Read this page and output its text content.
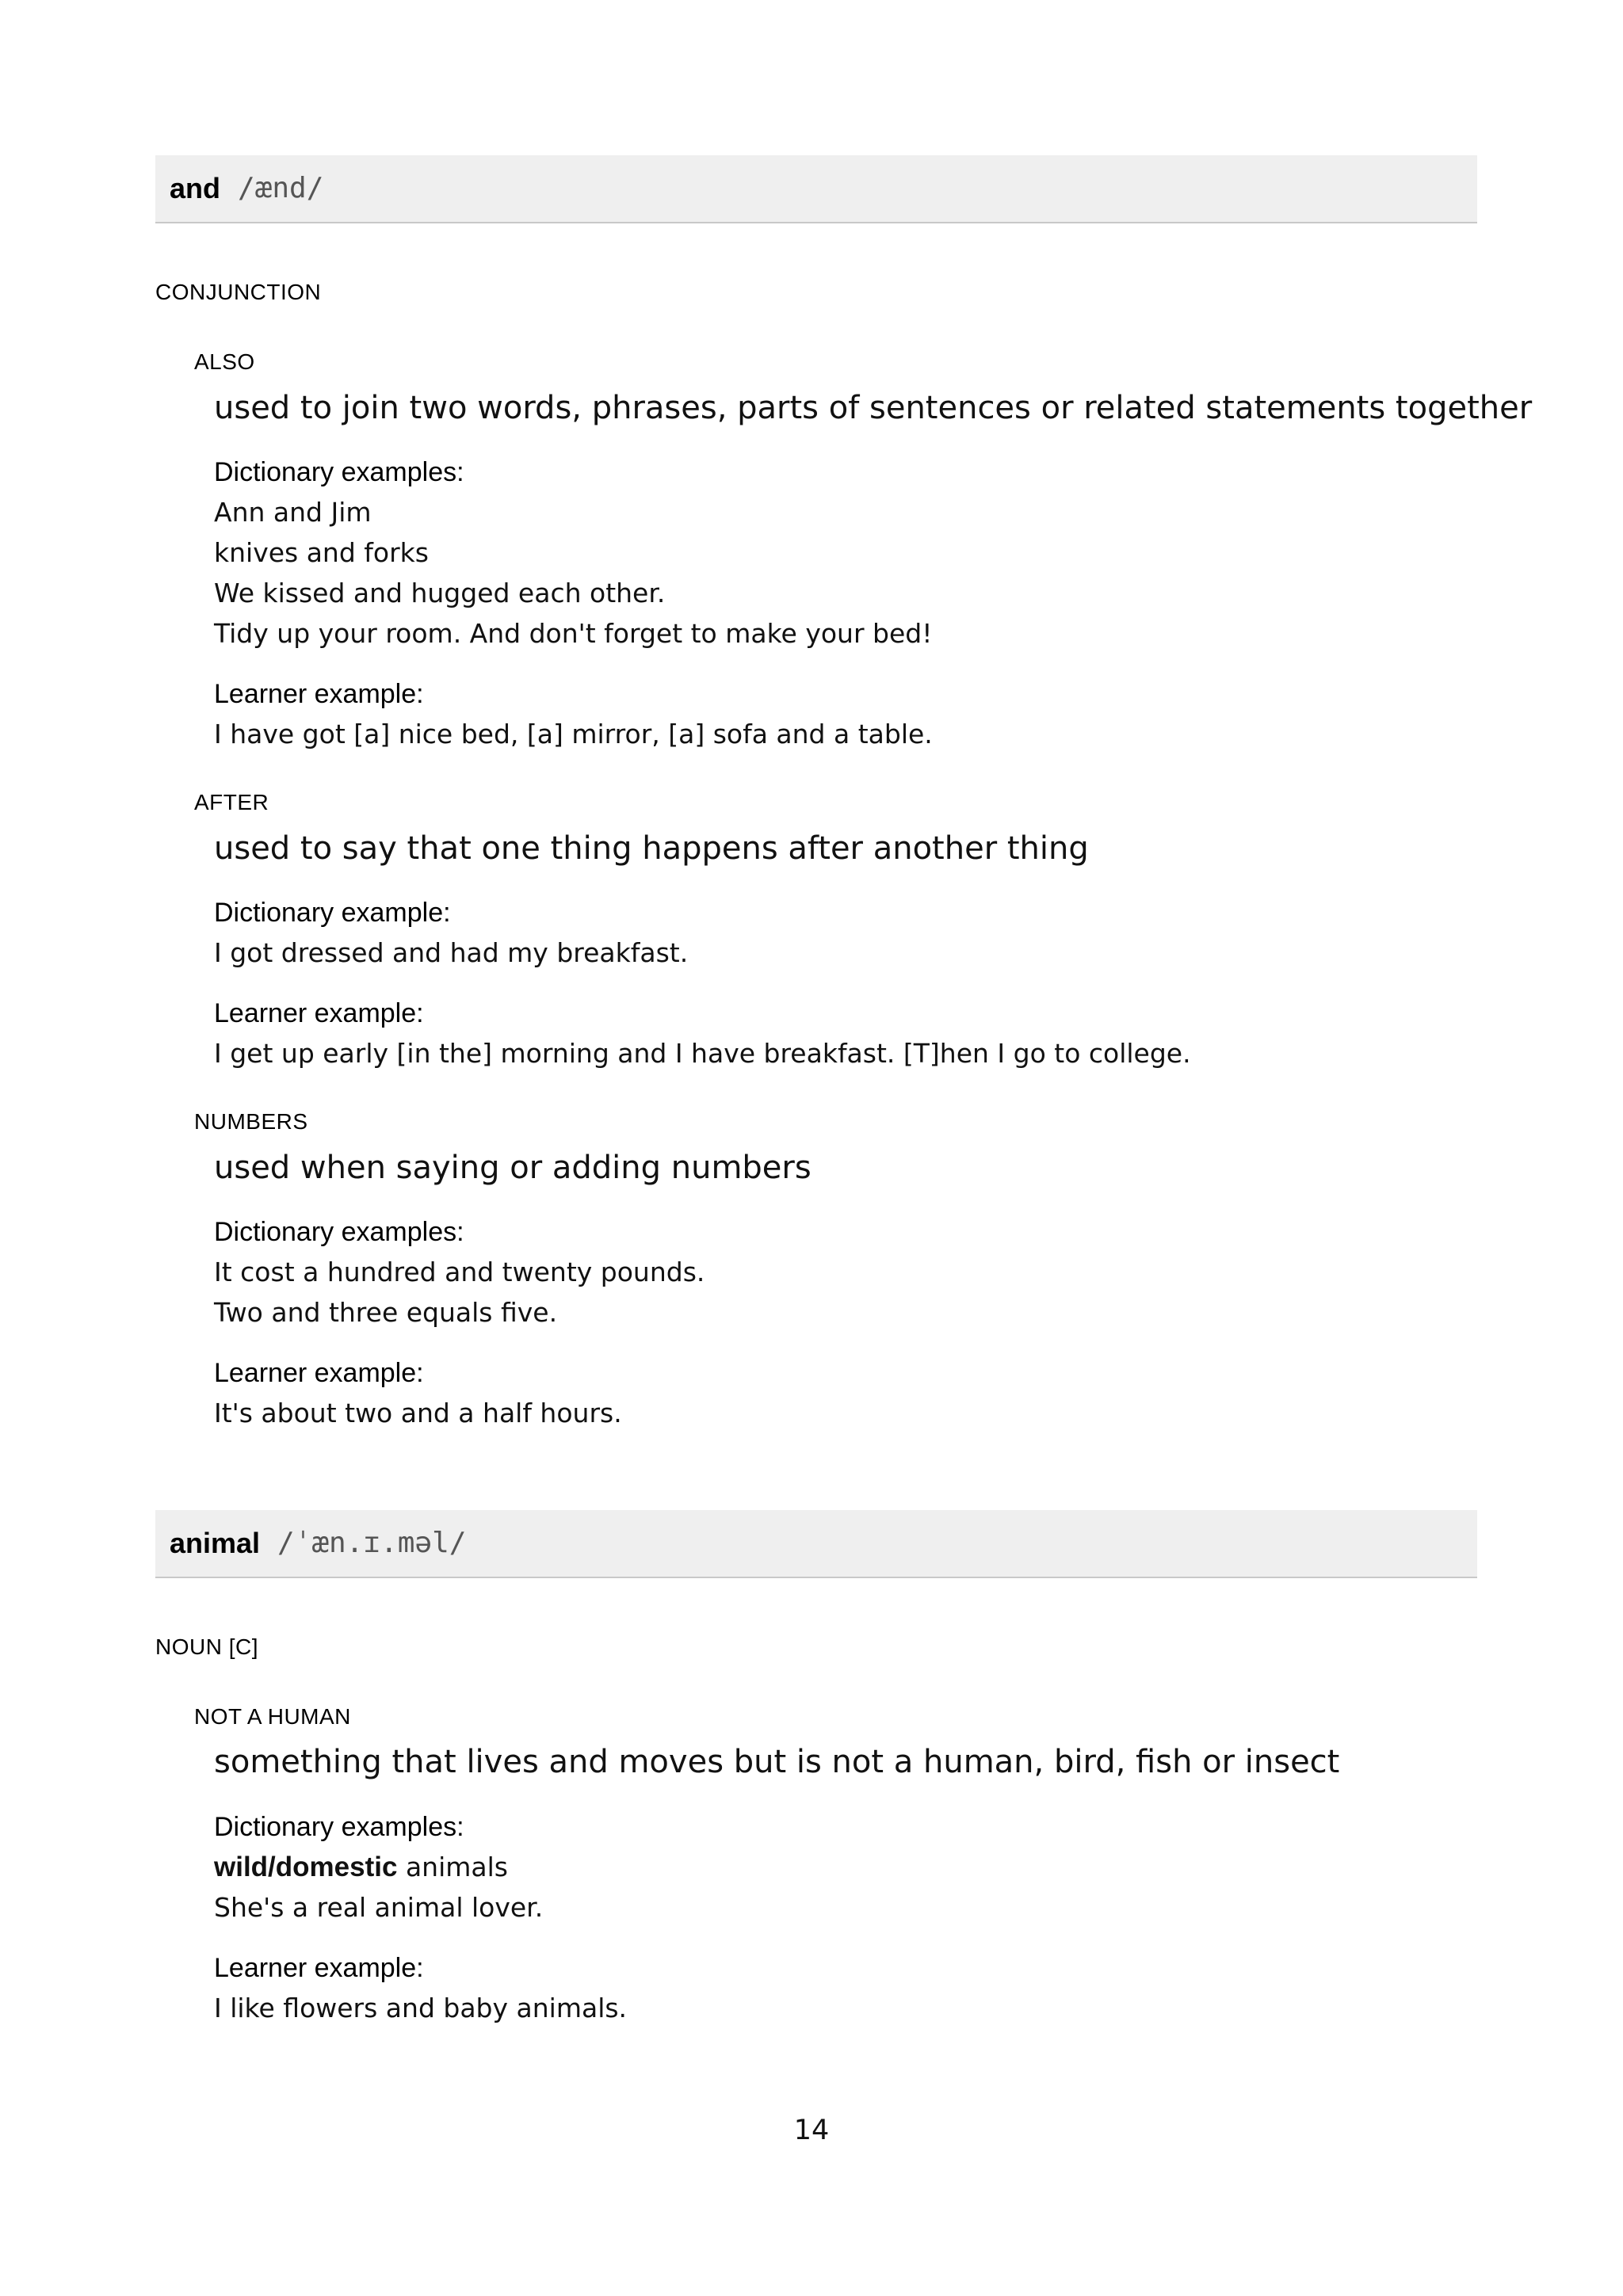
and /ænd/
CONJUNCTION
ALSO
used to join two words, phrases, parts of sentences or related statements together
Dictionary examples:
Ann and Jim
knives and forks
We kissed and hugged each other.
Tidy up your room. And don't forget to make your bed!
Learner example:
I have got [a] nice bed, [a] mirror, [a] sofa and a table.
AFTER
used to say that one thing happens after another thing
Dictionary example:
I got dressed and had my breakfast.
Learner example:
I get up early [in the] morning and I have breakfast. [T]hen I go to college.
NUMBERS
used when saying or adding numbers
Dictionary examples:
It cost a hundred and twenty pounds.
Two and three equals five.
Learner example:
It's about two and a half hours.
animal /ˈæn.ɪ.məl/
NOUN [C]
NOT A HUMAN
something that lives and moves but is not a human, bird, fish or insect
Dictionary examples:
wild/domestic animals
She's a real animal lover.
Learner example:
I like flowers and baby animals.
14
